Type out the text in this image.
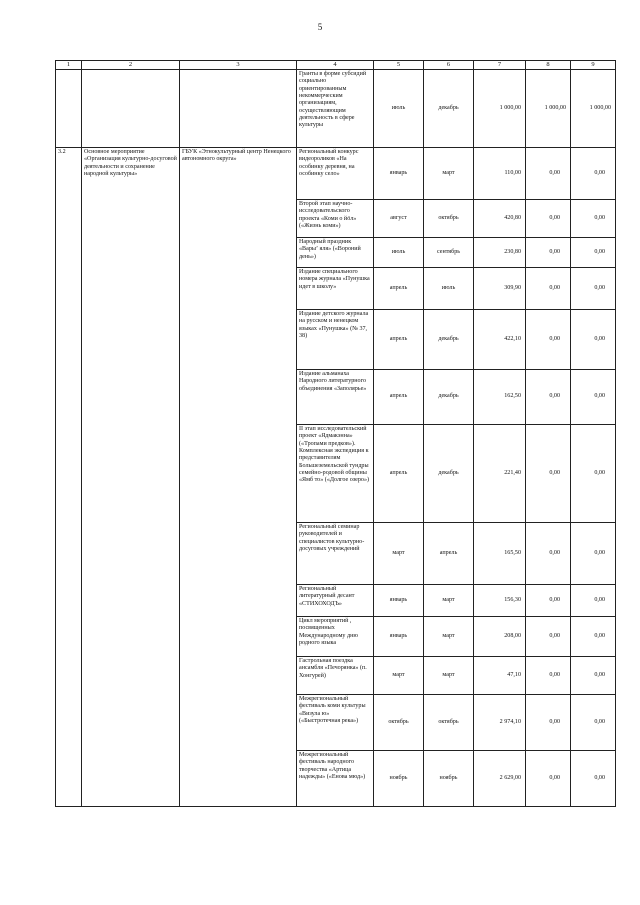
5
1	2	3	4	5	6	7	8	9
			Гранты в форме субсидий социально ориентированным некоммерческим организациям, осуществляющим деятельность в сфере культуры	июль	декабрь	1 000,00	1 000,00	1 000,00
3.2	Основное мероприятие «Организация культурно-досуговой деятельности и сохранение народной культуры»	ГБУК «Этнокультурный центр Ненецкого автономного округа»	Региональный конкурс видеороликов «На особинку деревня, на особинку село»	январь	март	110,00	0,00	0,00
			Второй этап научно-исследовательского проекта «Коми о йöл» («Жизнь коми»)	август	октябрь	420,80	0,00	0,00
			Народный праздник «Варыʼ яля» («Вороний день»)	июль	сентябрь	230,80	0,00	0,00
			Издание специального номера журнала «Пунушка идет в школу»	апрель	июль	309,90	0,00	0,00
			Издание детского журнала на русском и ненецком языках «Пунушка» (№ 37, 38)	апрель	декабрь	422,10	0,00	0,00
			Издание альманаха Народного литературного объединения «Заполярье»	апрель	декабрь	162,50	0,00	0,00
			II этап исследовательский проект «Ядмакэнна» («Тропами предков»). Комплексная экспедиция к представителям Большеземельской тундры семейно-родовой общины «Ямб то» («Долгое озеро»)	апрель	декабрь	221,40	0,00	0,00
			Региональный семинар руководителей и специалистов культурно-досуговых учреждений	март	апрель	165,50	0,00	0,00
			Региональный литературный десант «СТИХОХОДЪ»	январь	март	156,30	0,00	0,00
			Цикл мероприятий , посвященных Международному дню родного языка	январь	март	208,00	0,00	0,00
			Гастрольная поездка ансамбля «Печорянка» (п. Хонгурей)	март	март	47,10	0,00	0,00
			Межрегиональный фестиваль коми культуры «Визула ю» («Быстротечная река»)	октябрь	октябрь	2 974,10	0,00	0,00
			Межрегиональный фестиваль народного творчества «Артица надежды» («Енова мюд»)	ноябрь	ноябрь	2 629,00	0,00	0,00
